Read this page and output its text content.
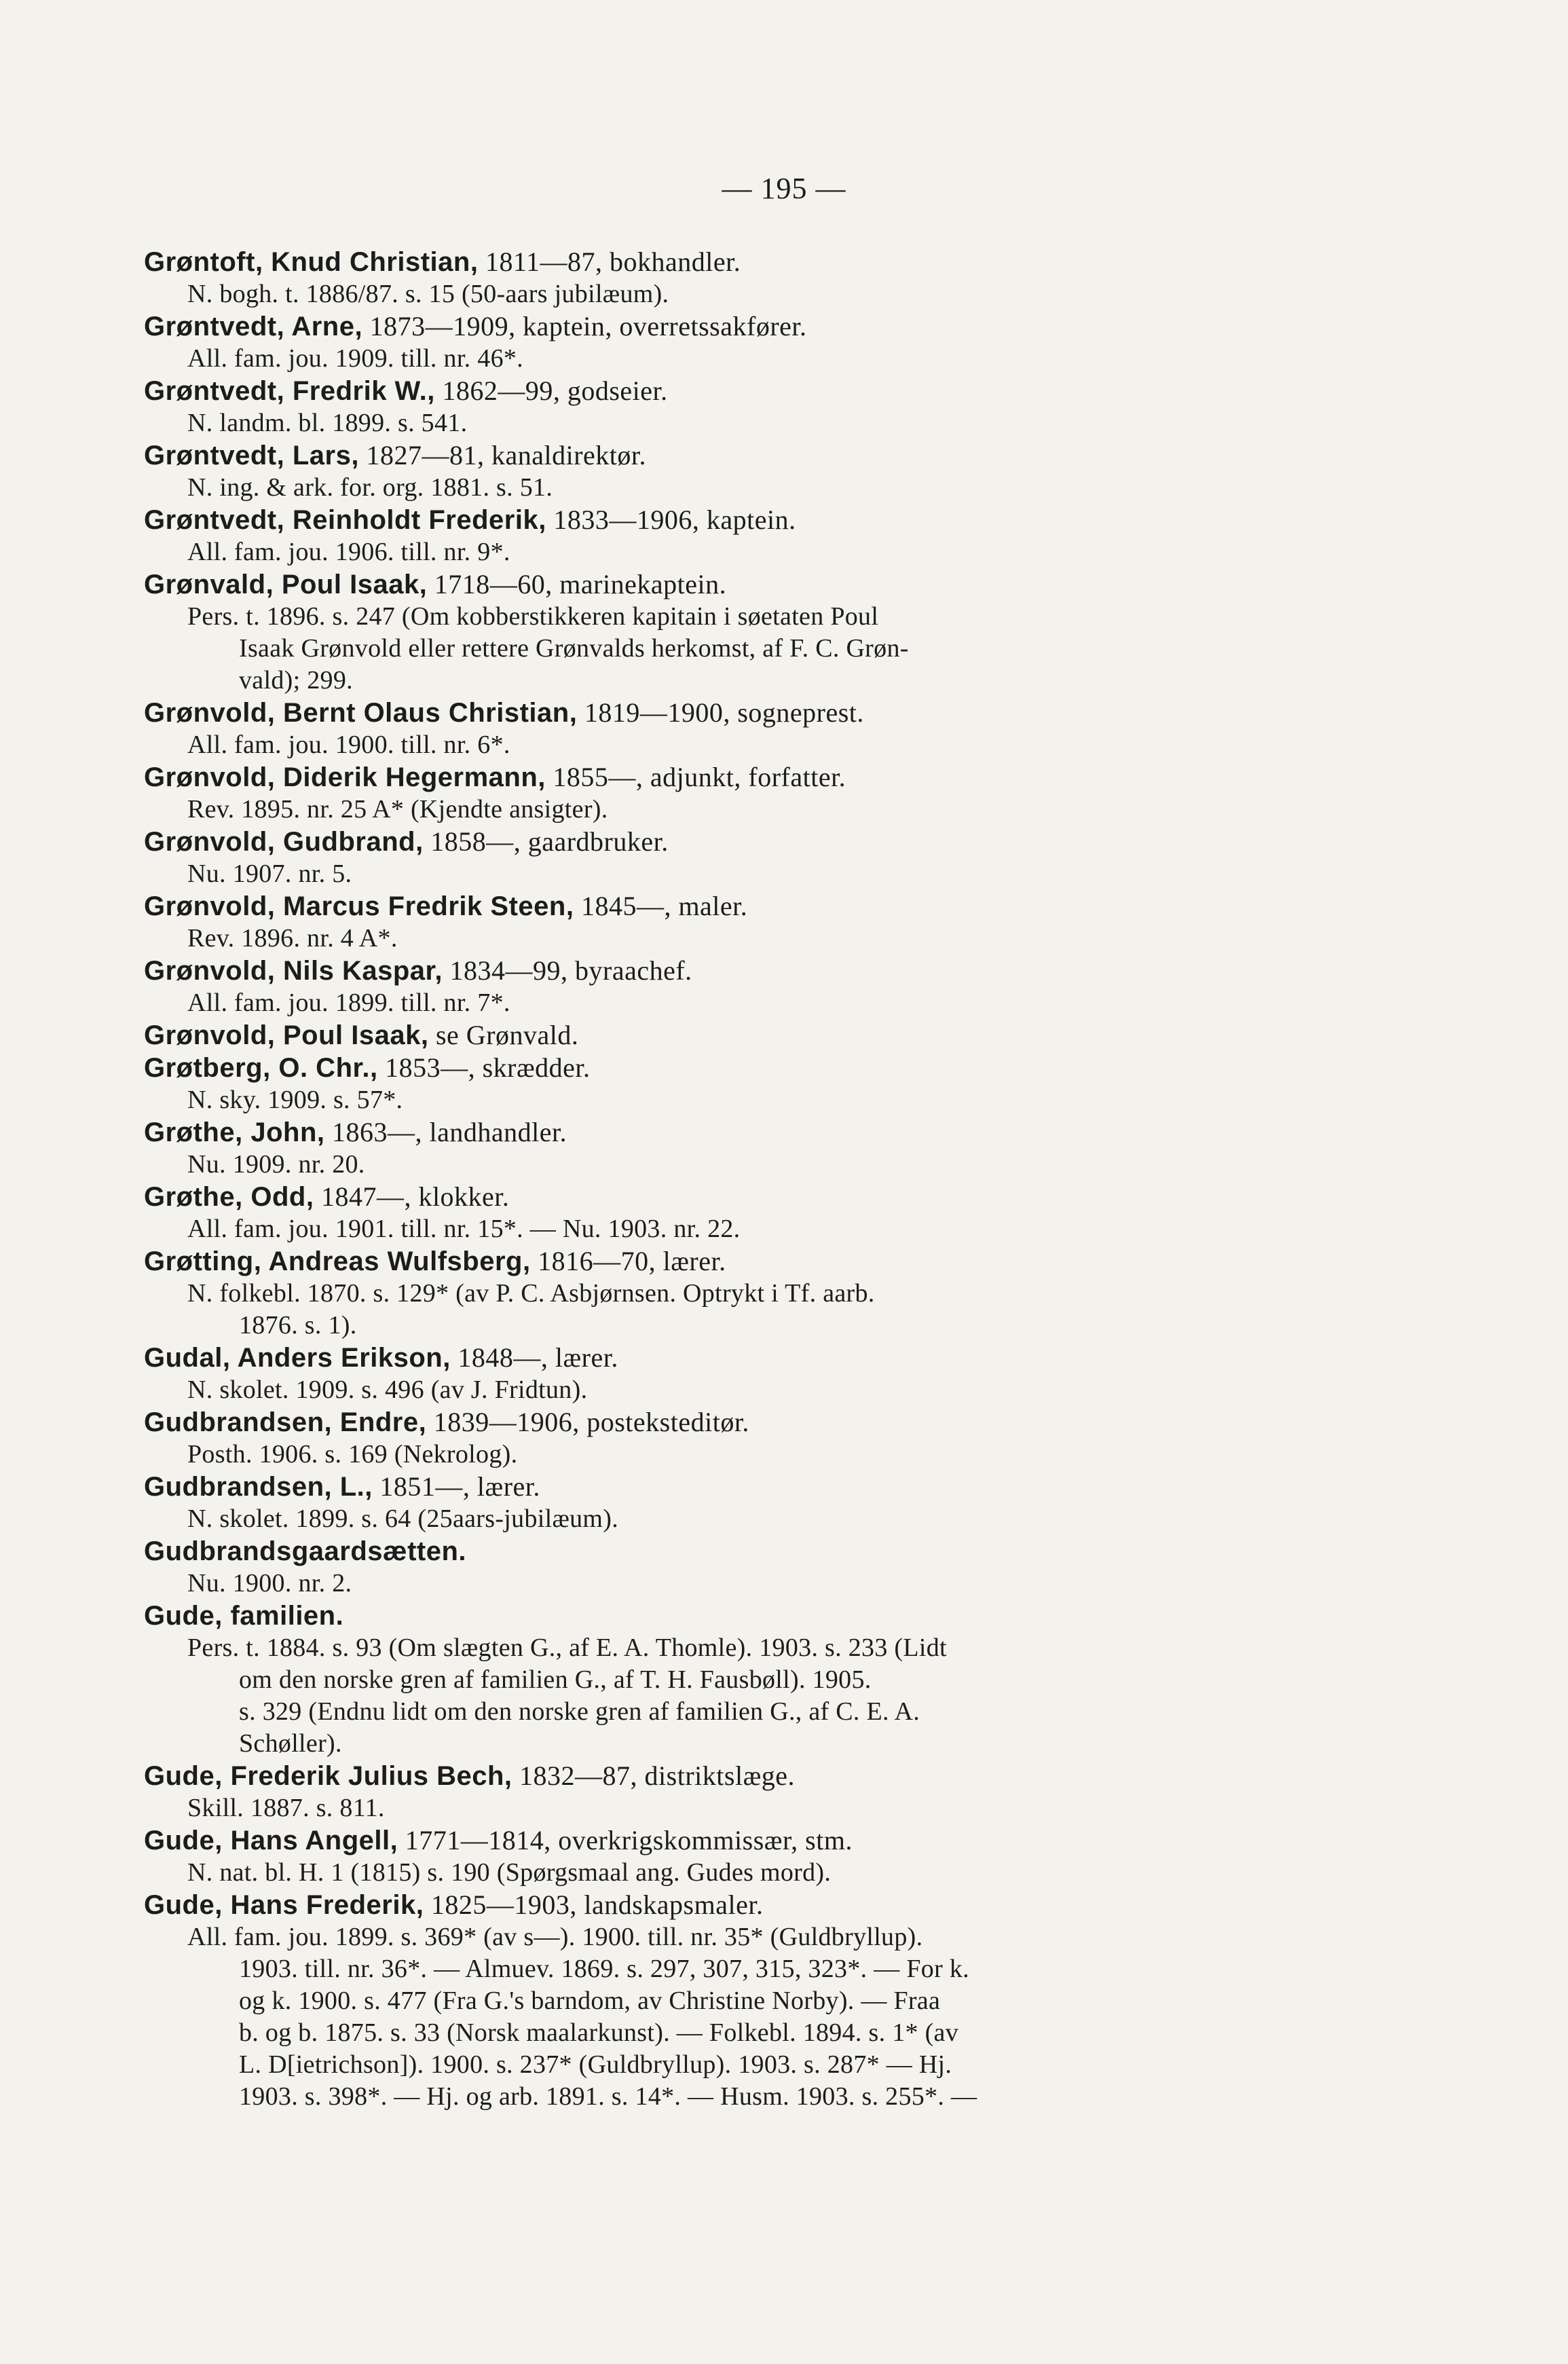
— 195 —

Grøntoft, Knud Christian, 1811—87, bokhandler.

N. bogh. t. 1886/87. s. 15 (50-aars jubilæum).

Grøntvedt, Arne, 1873—1909, kaptein, overretssakfører.

All. fam. jou. 1909. till. nr. 46*.

Grøntvedt, Fredrik W., 1862—99, godseier.

N. landm. bl. 1899. s. 541.

Grøntvedt, Lars, 1827—81, kanaldirektør.

N. ing. & ark. for. org. 1881. s. 51.

Grøntvedt, Reinholdt Frederik, 1833—1906, kaptein.

All. fam. jou. 1906. till. nr. 9*.

Grønvald, Poul Isaak, 1718—60, marinekaptein.

Pers. t. 1896. s. 247 (Om kobberstikkeren kapitain i søetaten Poul
Isaak Grønvold eller rettere Grønvalds herkomst, af F. C. Grøn-
vald); 299.

Grønvold, Bernt Olaus Christian, 1819—1900, sogneprest.

All. fam. jou. 1900. till. nr. 6*.

Grønvold, Diderik Hegermann, 1855—, adjunkt, forfatter.

Rev. 1895. nr. 25 A* (Kjendte ansigter).

Grønvold, Gudbrand, 1858—, gaardbruker.

Nu. 1907. nr. 5.

Grønvold, Marcus Fredrik Steen, 1845—, maler.

Rev. 1896. nr. 4 A*.

Grønvold, Nils Kaspar, 1834—99, byraachef.

All. fam. jou. 1899. till. nr. 7*.

Grønvold, Poul Isaak, se Grønvald.

Grøtberg, O. Chr., 1853—, skrædder.

N. sky. 1909. s. 57*.

Grøthe, John, 1863—, landhandler.

Nu. 1909. nr. 20.

Grøthe, Odd, 1847—, klokker.

All. fam. jou. 1901. till. nr. 15*. — Nu. 1903. nr. 22.

Grøtting, Andreas Wulfsberg, 1816—70, lærer.

N. folkebl. 1870. s. 129* (av P. C. Asbjørnsen. Optrykt i Tf. aarb.
1876. s. 1).

Gudal, Anders Erikson, 1848—, lærer.

N. skolet. 1909. s. 496 (av J. Fridtun).

Gudbrandsen, Endre, 1839—1906, posteksteditør.

Posth. 1906. s. 169 (Nekrolog).

Gudbrandsen, L., 1851—, lærer.

N. skolet. 1899. s. 64 (25aars-jubilæum).

Gudbrandsgaardsætten.

Nu. 1900. nr. 2.

Gude, familien.

Pers. t. 1884. s. 93 (Om slægten G., af E. A. Thomle). 1903. s. 233 (Lidt
om den norske gren af familien G., af T. H. Fausbøll). 1905.
s. 329 (Endnu lidt om den norske gren af familien G., af C. E. A.
Schøller).

Gude, Frederik Julius Bech, 1832—87, distriktslæge.

Skill. 1887. s. 811.

Gude, Hans Angell, 1771—1814, overkrigskommissær, stm.

N. nat. bl. H. 1 (1815) s. 190 (Spørgsmaal ang. Gudes mord).

Gude, Hans Frederik, 1825—1903, landskapsmaler.

All. fam. jou. 1899. s. 369* (av s—). 1900. till. nr. 35* (Guldbryllup).
1903. till. nr. 36*. — Almuev. 1869. s. 297, 307, 315, 323*. — For k.
og k. 1900. s. 477 (Fra G.'s barndom, av Christine Norby). — Fraa
b. og b. 1875. s. 33 (Norsk maalarkunst). — Folkebl. 1894. s. 1* (av
L. D[ietrichson]). 1900. s. 237* (Guldbryllup). 1903. s. 287* — Hj.
1903. s. 398*. — Hj. og arb. 1891. s. 14*. — Husm. 1903. s. 255*. —
